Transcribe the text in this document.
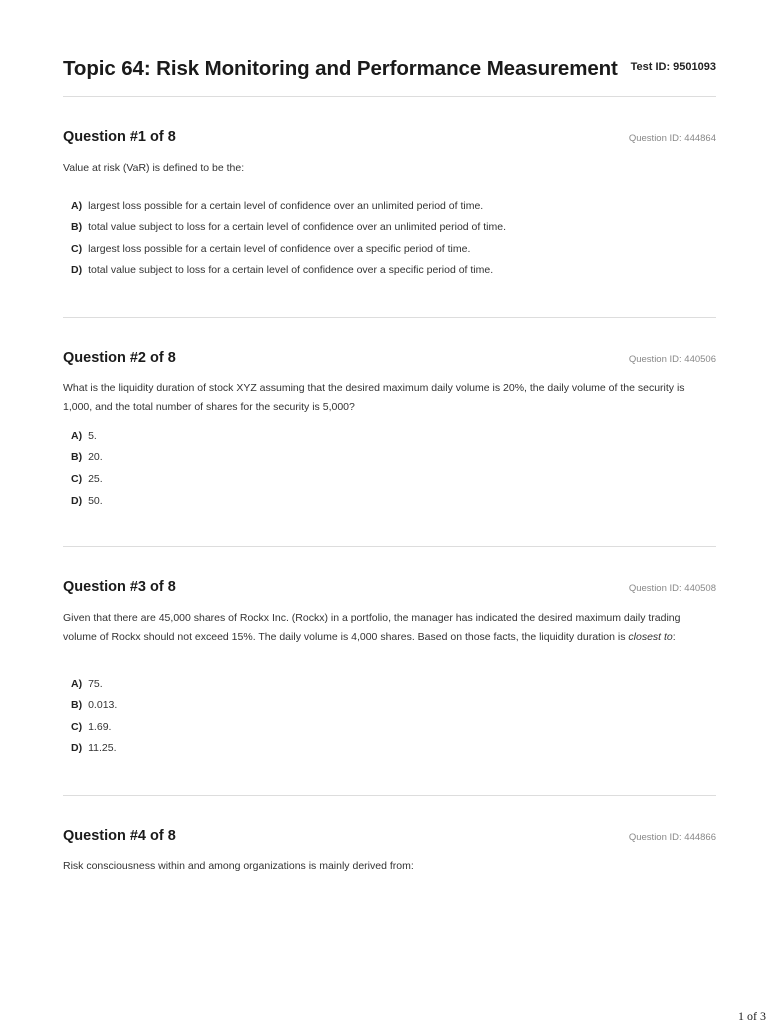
Topic 64: Risk Monitoring and Performance Measurement Test ID: 9501093
Question #1 of 8	Question ID: 444864
Value at risk (VaR) is defined to be the:
A) largest loss possible for a certain level of confidence over an unlimited period of time.
B) total value subject to loss for a certain level of confidence over an unlimited period of time.
C) largest loss possible for a certain level of confidence over a specific period of time.
D) total value subject to loss for a certain level of confidence over a specific period of time.
Question #2 of 8	Question ID: 440506
What is the liquidity duration of stock XYZ assuming that the desired maximum daily volume is 20%, the daily volume of the security is 1,000, and the total number of shares for the security is 5,000?
A) 5.
B) 20.
C) 25.
D) 50.
Question #3 of 8	Question ID: 440508
Given that there are 45,000 shares of Rockx Inc. (Rockx) in a portfolio, the manager has indicated the desired maximum daily trading volume of Rockx should not exceed 15%. The daily volume is 4,000 shares. Based on those facts, the liquidity duration is closest to:
A) 75.
B) 0.013.
C) 1.69.
D) 11.25.
Question #4 of 8	Question ID: 444866
Risk consciousness within and among organizations is mainly derived from:
1 of 3
